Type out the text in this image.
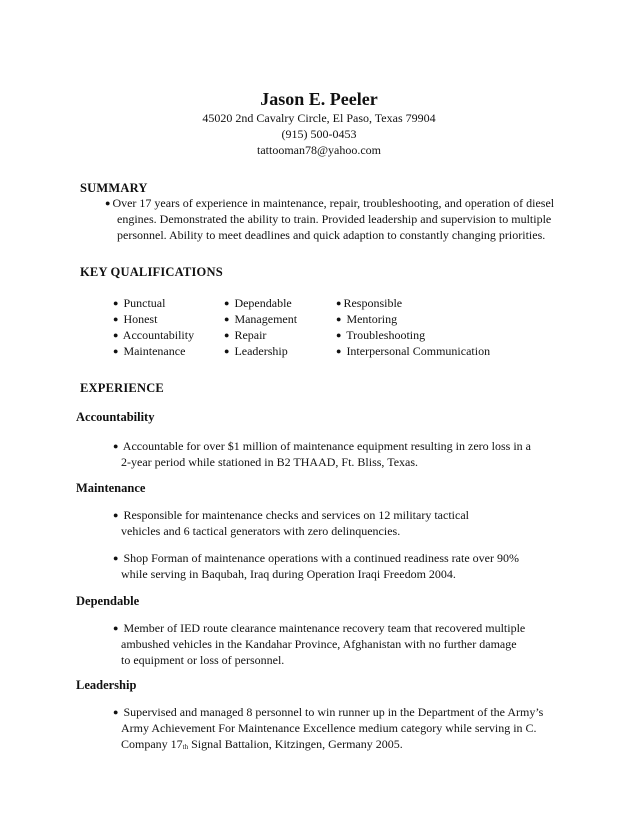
Jason E. Peeler
45020 2nd Cavalry Circle, El Paso, Texas 79904
(915) 500-0453
tattooman78@yahoo.com
SUMMARY
● Over 17 years of experience in maintenance, repair, troubleshooting, and operation of diesel
engines. Demonstrated the ability to train. Provided leadership and supervision to multiple
personnel. Ability to meet deadlines and quick adaption to constantly changing priorities.
KEY QUALIFICATIONS
● Punctual
● Honest
● Accountability
● Maintenance
● Dependable
● Management
● Repair
● Leadership
● Responsible
● Mentoring
● Troubleshooting
● Interpersonal Communication
EXPERIENCE
Accountability
● Accountable for over $1 million of maintenance equipment resulting in zero loss in a
2-year period while stationed in B2 THAAD, Ft. Bliss, Texas.
Maintenance
● Responsible for maintenance checks and services on 12 military tactical
vehicles and 6 tactical generators with zero delinquencies.
● Shop Forman of maintenance operations with a continued readiness rate over 90%
while serving in Baqubah, Iraq during Operation Iraqi Freedom 2004.
Dependable
● Member of IED route clearance maintenance recovery team that recovered multiple
ambushed vehicles in the Kandahar Province, Afghanistan with no further damage
to equipment or loss of personnel.
Leadership
● Supervised and managed 8 personnel to win runner up in the Department of the Army’s
Army Achievement For Maintenance Excellence medium category while serving in C.
Company $17_{th}$ Signal Battalion, Kitzingen, Germany 2005.
